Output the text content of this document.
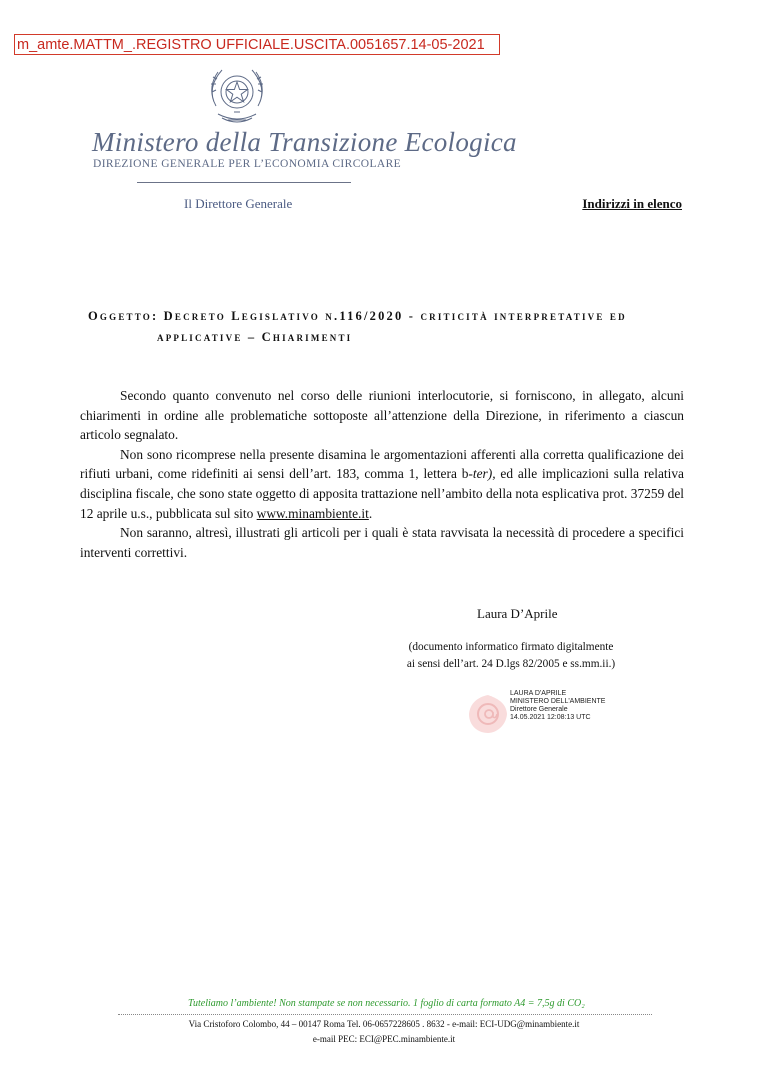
m_amte.MATTM_.REGISTRO UFFICIALE.USCITA.0051657.14-05-2021
Ministero della Transizione Ecologica
DIREZIONE GENERALE PER L’ECONOMIA CIRCOLARE
Il Direttore Generale	Indirizzi in elenco
Oggetto: Decreto Legislativo n.116/2020 - criticità interpretative ed
applicative – Chiarimenti

Secondo quanto convenuto nel corso delle riunioni interlocutorie, si forniscono, in allegato, alcuni chiarimenti in ordine alle problematiche sottoposte all’attenzione della Direzione, in riferimento a ciascun articolo segnalato.

Non sono ricomprese nella presente disamina le argomentazioni afferenti alla corretta qualificazione dei rifiuti urbani, come ridefiniti ai sensi dell’art. 183, comma 1, lettera b-ter), ed alle implicazioni sulla relativa disciplina fiscale, che sono state oggetto di apposita trattazione nell’ambito della nota esplicativa prot. 37259 del 12 aprile u.s., pubblicata sul sito www.minambiente.it.

Non saranno, altresì, illustrati gli articoli per i quali è stata ravvisata la necessità di procedere a specifici interventi correttivi.

Laura D’Aprile
(documento informatico firmato digitalmente
ai sensi dell’art. 24 D.lgs 82/2005 e ss.mm.ii.)
LAURA D'APRILE
MINISTERO DELL'AMBIENTE
Direttore Generale
14.05.2021 12:08:13 UTC
Tuteliamo l’ambiente! Non stampate se non necessario. 1 foglio di carta formato A4 = 7,5g di CO₂
Via Cristoforo Colombo, 44 – 00147 Roma Tel. 06-0657228605 . 8632 - e-mail: ECI-UDG@minambiente.it
e-mail PEC: ECI@PEC.minambiente.it
